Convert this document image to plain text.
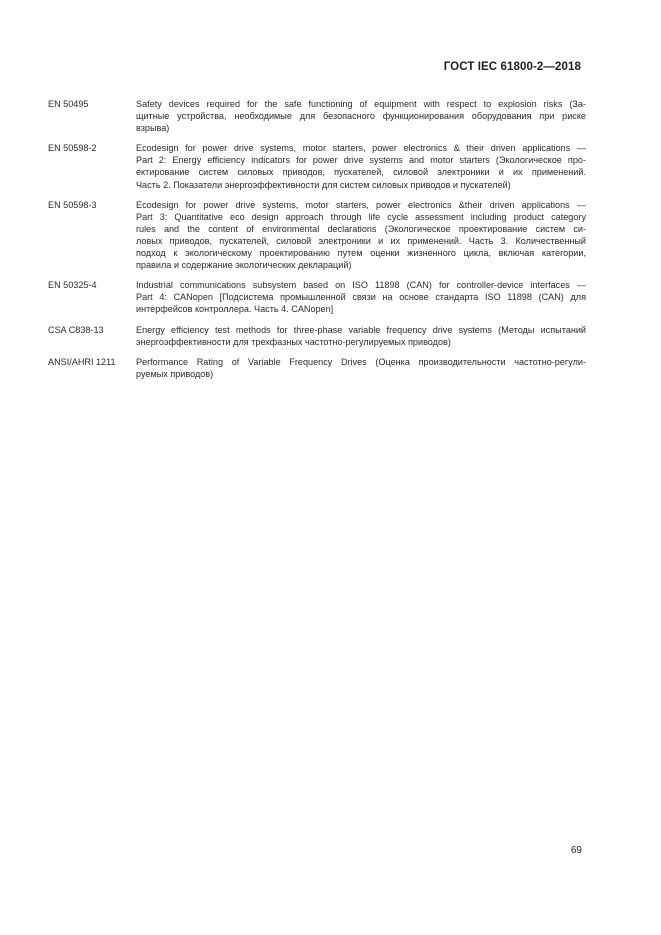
ГОСТ IEC 61800-2—2018
EN 50495	Safety devices required for the safe functioning of equipment with respect to explosion risks (За-
щитные устройства, необходимые для безопасного функционирования оборудования при риске
взрыва)
EN 50598-2	Ecodesign for power drive systems, motor starters, power electronics & their driven applications —
Part 2: Energy efficiency indicators for power drive systems and motor starters (Экологическое про-
ектирование систем силовых приводов, пускателей, силовой электроники и их применений.
Часть 2. Показатели энергоэффективности для систем силовых приводов и пускателей)
EN 50598-3	Ecodesign for power drive systems, motor starters, power electronics &their driven applications —
Part 3: Quantitative eco design approach through life cycle assessment including product category
rules and the content of environmental declarations (Экологическое проектирование систем си-
ловых приводов, пускателей, силовой электроники и их применений. Часть 3. Количественный
подход к экологическому проектированию путем оценки жизненного цикла, включая категории,
правила и содержание экологических деклараций)
EN 50325-4	Industrial communications subsystem based on ISO 11898 (CAN) for controller-device interfaces —
Part 4: CANopen [Подсистема промышленной связи на основе стандарта ISO 11898 (CAN) для
интерфейсов контроллера. Часть 4. CANopen]
CSA C838-13	Energy efficiency test methods for three-phase variable frequency drive systems (Методы испытаний
энергоэффективности для трехфазных частотно-регулируемых приводов)
ANSI/AHRI 1211	Performance Rating of Variable Frequency Drives (Оценка производительности частотно-регули-
руемых приводов)
69
